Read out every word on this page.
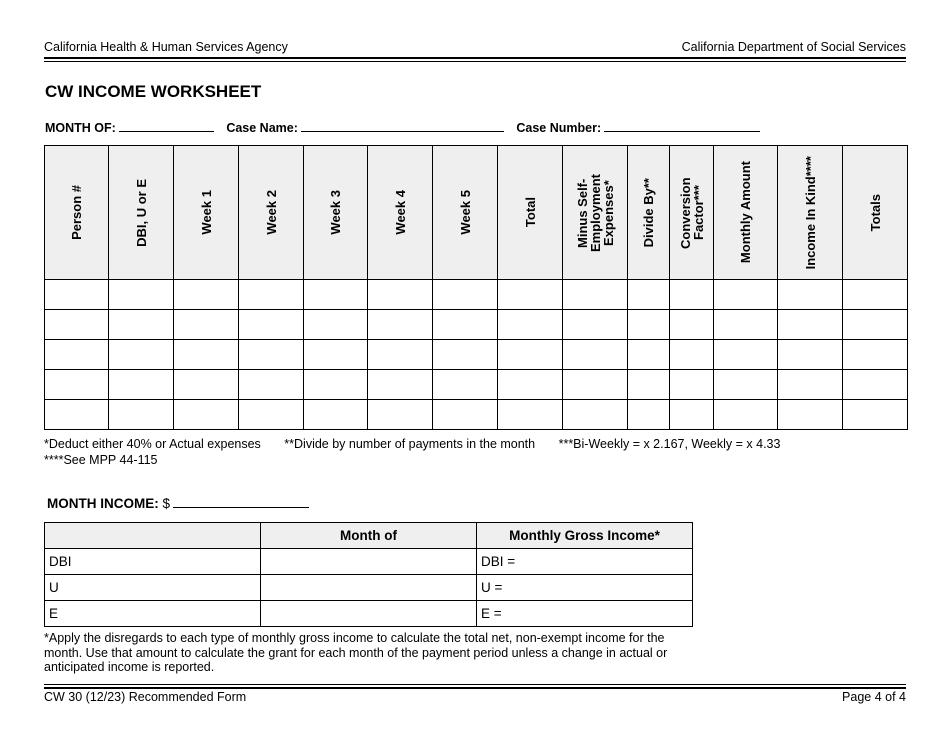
California Health & Human Services Agency	California Department of Social Services
CW INCOME WORKSHEET
MONTH OF:	Case Name:	Case Number:
Person #	DBI, U or E	Week 1	Week 2	Week 3	Week 4	Week 5	Total	Minus Self-Employment Expenses*	Divide By**	Conversion Factor***	Monthly Amount	Income In Kind****	Totals

*Deduct either 40% or Actual expenses **Divide by number of payments in the month ***Bi-Weekly = x 2.167, Weekly = x 4.33
****See MPP 44-115
MONTH INCOME: $
	Month of	Monthly Gross Income*
DBI		DBI =
U		U =
E		E =
*Apply the disregards to each type of monthly gross income to calculate the total net, non-exempt income for the month. Use that amount to calculate the grant for each month of the payment period unless a change in actual or anticipated income is reported.
CW 30 (12/23) Recommended Form	Page 4 of 4
